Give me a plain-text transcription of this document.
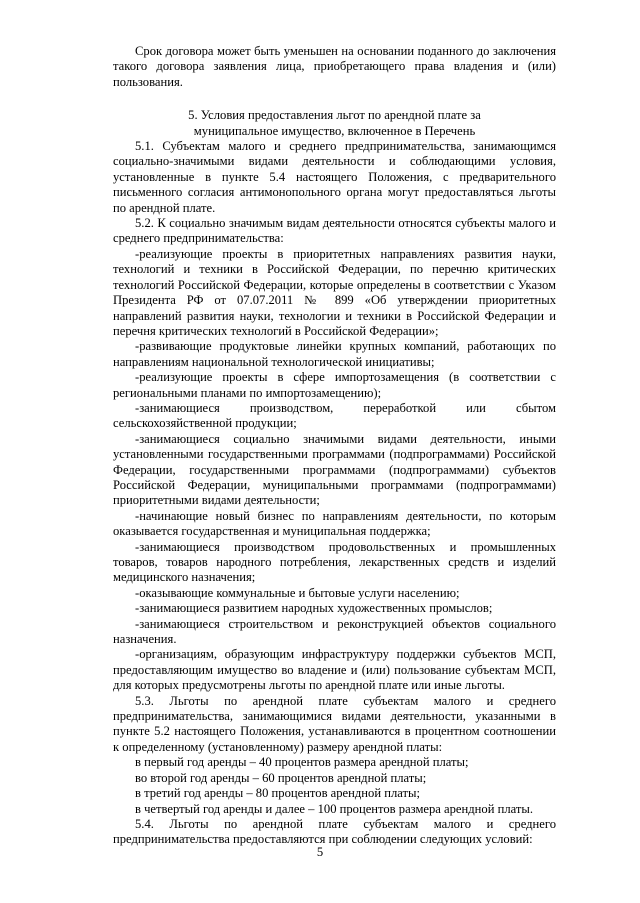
Срок договора может быть уменьшен на основании поданного до заключения такого договора заявления лица, приобретающего права владения и (или) пользования.

5. Условия предоставления льгот по арендной плате за муниципальное имущество, включенное в Перечень

5.1. Субъектам малого и среднего предпринимательства, занимающимся социально-значимыми видами деятельности и соблюдающими условия, установленные в пункте 5.4 настоящего Положения, с предварительного письменного согласия антимонопольного органа могут предоставляться льготы по арендной плате.

5.2. К социально значимым видам деятельности относятся субъекты малого и среднего предпринимательства:

-реализующие проекты в приоритетных направлениях развития науки, технологий и техники в Российской Федерации, по перечню критических технологий Российской Федерации, которые определены в соответствии с Указом Президента РФ от 07.07.2011 № 899 «Об утверждении приоритетных направлений развития науки, технологии и техники в Российской Федерации и перечня критических технологий в Российской Федерации»;

-развивающие продуктовые линейки крупных компаний, работающих по направлениям национальной технологической инициативы;

-реализующие проекты в сфере импортозамещения (в соответствии с региональными планами по импортозамещению);

-занимающиеся производством, переработкой или сбытом сельскохозяйственной продукции;

-занимающиеся социально значимыми видами деятельности, иными установленными государственными программами (подпрограммами) Российской Федерации, государственными программами (подпрограммами) субъектов Российской Федерации, муниципальными программами (подпрограммами) приоритетными видами деятельности;

-начинающие новый бизнес по направлениям деятельности, по которым оказывается государственная и муниципальная поддержка;

-занимающиеся производством продовольственных и промышленных товаров, товаров народного потребления, лекарственных средств и изделий медицинского назначения;

-оказывающие коммунальные и бытовые услуги населению;

-занимающиеся развитием народных художественных промыслов;

-занимающиеся строительством и реконструкцией объектов социального назначения.

-организациям, образующим инфраструктуру поддержки субъектов МСП, предоставляющим имущество во владение и (или) пользование субъектам МСП, для которых предусмотрены льготы по арендной плате или иные льготы.

5.3. Льготы по арендной плате субъектам малого и среднего предпринимательства, занимающимися видами деятельности, указанными в пункте 5.2 настоящего Положения, устанавливаются в процентном соотношении к определенному (установленному) размеру арендной платы:

в первый год аренды – 40 процентов размера арендной платы;

во второй год аренды – 60 процентов арендной платы;

в третий год аренды – 80 процентов арендной платы;

в четвертый год аренды и далее – 100 процентов размера арендной платы.

5.4. Льготы по арендной плате субъектам малого и среднего предпринимательства предоставляются при соблюдении следующих условий:

5
